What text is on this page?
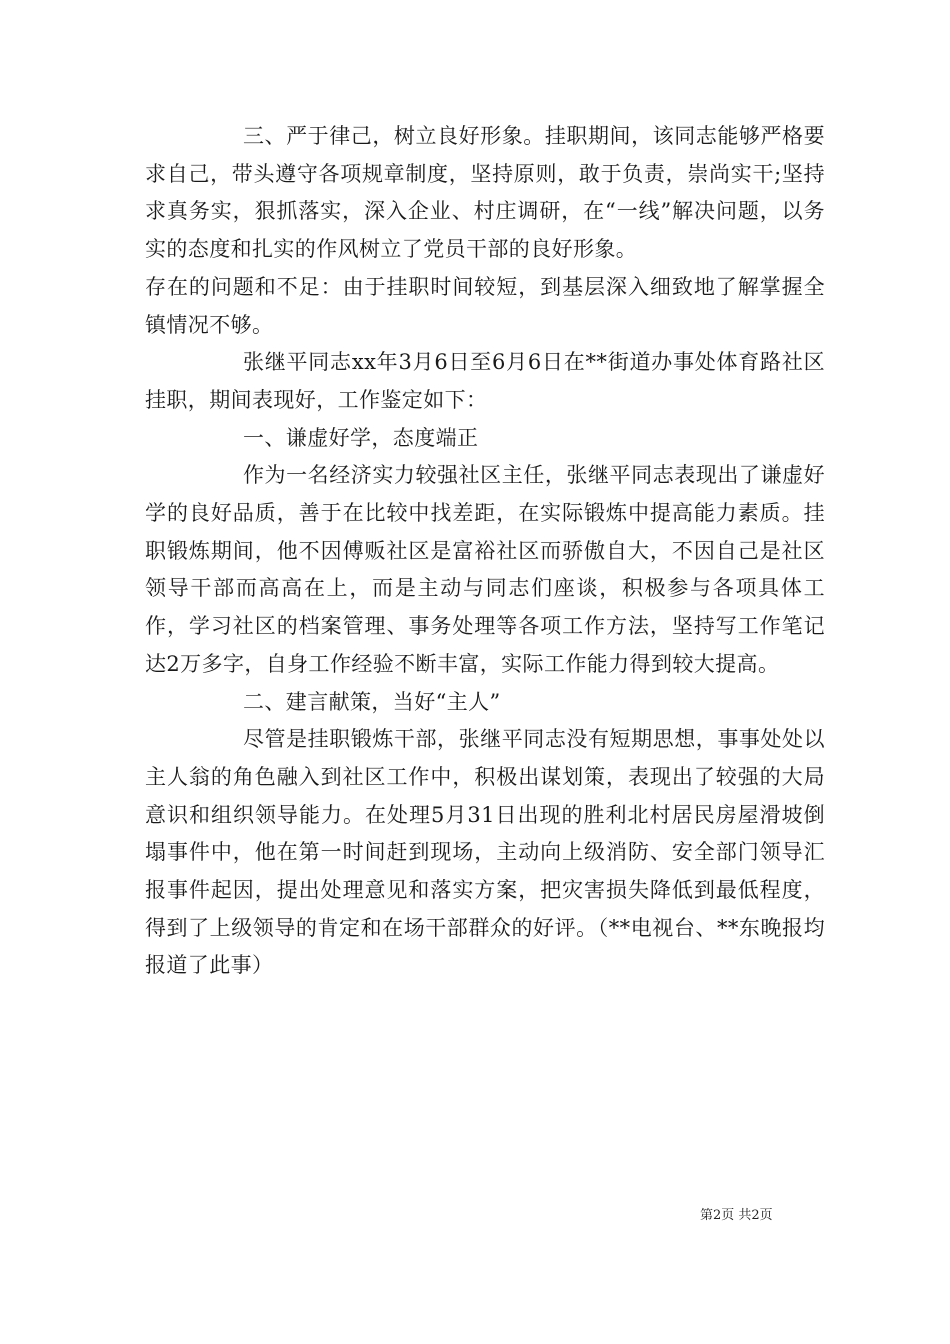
三、严于律己，树立良好形象。挂职期间，该同志能够严格要求自己，带头遵守各项规章制度，坚持原则，敢于负责，崇尚实干;坚持求真务实，狠抓落实，深入企业、村庄调研，在“一线”解决问题，以务实的态度和扎实的作风树立了党员干部的良好形象。

存在的问题和不足：由于挂职时间较短，到基层深入细致地了解掌握全镇情况不够。

张继平同志xx年3月6日至6月6日在**街道办事处体育路社区挂职，期间表现好，工作鉴定如下：

一、谦虚好学，态度端正

作为一名经济实力较强社区主任，张继平同志表现出了谦虚好学的良好品质，善于在比较中找差距，在实际锻炼中提高能力素质。挂职锻炼期间，他不因傅贩社区是富裕社区而骄傲自大，不因自己是社区领导干部而高高在上，而是主动与同志们座谈，积极参与各项具体工作，学习社区的档案管理、事务处理等各项工作方法，坚持写工作笔记达2万多字，自身工作经验不断丰富，实际工作能力得到较大提高。

二、建言献策，当好“主人”

尽管是挂职锻炼干部，张继平同志没有短期思想，事事处处以主人翁的角色融入到社区工作中，积极出谋划策，表现出了较强的大局意识和组织领导能力。在处理5月31日出现的胜利北村居民房屋滑坡倒塌事件中，他在第一时间赶到现场，主动向上级消防、安全部门领导汇报事件起因，提出处理意见和落实方案，把灾害损失降低到最低程度，得到了上级领导的肯定和在场干部群众的好评。（**电视台、**东晚报均报道了此事）

第2页 共2页
